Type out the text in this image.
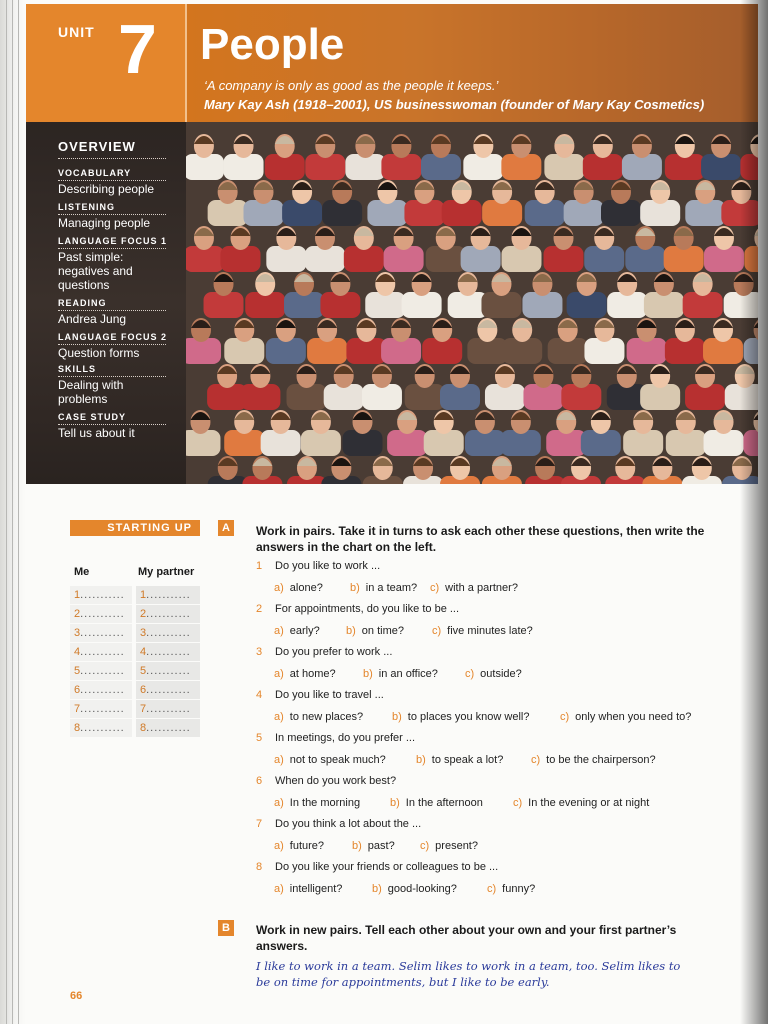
UNIT 7 People
‘A company is only as good as the people it keeps.’
Mary Kay Ash (1918–2001), US businesswoman (founder of Mary Kay Cosmetics)
OVERVIEW
VOCABULARY
Describing people
LISTENING
Managing people
LANGUAGE FOCUS 1
Past simple: negatives and questions
READING
Andrea Jung
LANGUAGE FOCUS 2
Question forms
SKILLS
Dealing with problems
CASE STUDY
Tell us about it
STARTING UP	A	Work in pairs. Take it in turns to ask each other these questions, then write the answers in the chart on the left.
Me	My partner
1...........	1...........
2...........	2...........
3...........	3...........
4...........	4...........
5...........	5...........
6...........	6...........
7...........	7...........
8...........	8...........
1 Do you like to work ...
a) alone? b) in a team? c) with a partner?
2 For appointments, do you like to be ...
a) early? b) on time?	c) five minutes late?
3 Do you prefer to work ...
a) at home? b) in an office? c) outside?
4 Do you like to travel ...
a) to new places?	b) to places you know well?	c) only when you need to?
5 In meetings, do you prefer ...
a) not to speak much?	b) to speak a lot?	c) to be the chairperson?
6 When do you work best?
a) In the morning	b) In the afternoon	c) In the evening or at night
7 Do you think a lot about the ...
a) future?	b) past? c) present?
8 Do you like your friends or colleagues to be ...
a) intelligent?	b) good-looking?	c) funny?
B	Work in new pairs. Tell each other about your own and your first partner’s answers.
I like to work in a team. Selim likes to work in a team, too. Selim likes to be on time for appointments, but I like to be early.
66
